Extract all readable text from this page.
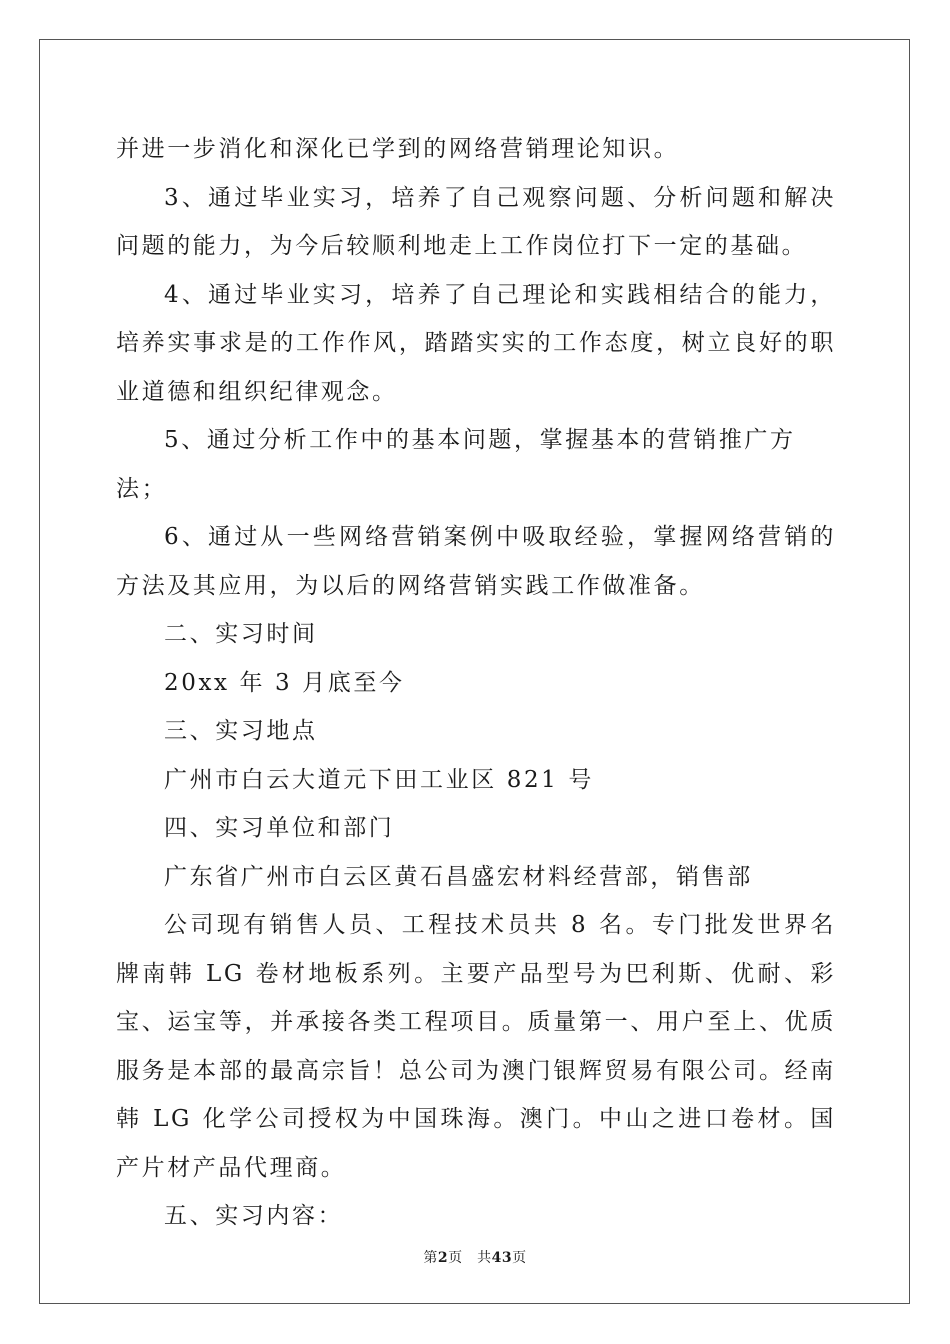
并进一步消化和深化已学到的网络营销理论知识。

3、通过毕业实习，培养了自己观察问题、分析问题和解决问题的能力，为今后较顺利地走上工作岗位打下一定的基础。

4、通过毕业实习，培养了自己理论和实践相结合的能力，培养实事求是的工作作风，踏踏实实的工作态度，树立良好的职业道德和组织纪律观念。

5、通过分析工作中的基本问题，掌握基本的营销推广方法；

6、通过从一些网络营销案例中吸取经验，掌握网络营销的方法及其应用，为以后的网络营销实践工作做准备。

二、实习时间

20xx 年 3 月底至今

三、实习地点

广州市白云大道元下田工业区 821 号

四、实习单位和部门

广东省广州市白云区黄石昌盛宏材料经营部，销售部

公司现有销售人员、工程技术员共 8 名。专门批发世界名牌南韩 LG 卷材地板系列。主要产品型号为巴利斯、优耐、彩宝、运宝等，并承接各类工程项目。质量第一、用户至上、优质服务是本部的最高宗旨！总公司为澳门银辉贸易有限公司。经南韩 LG 化学公司授权为中国珠海。澳门。中山之进口卷材。国产片材产品代理商。

五、实习内容：

第2页　共43页
